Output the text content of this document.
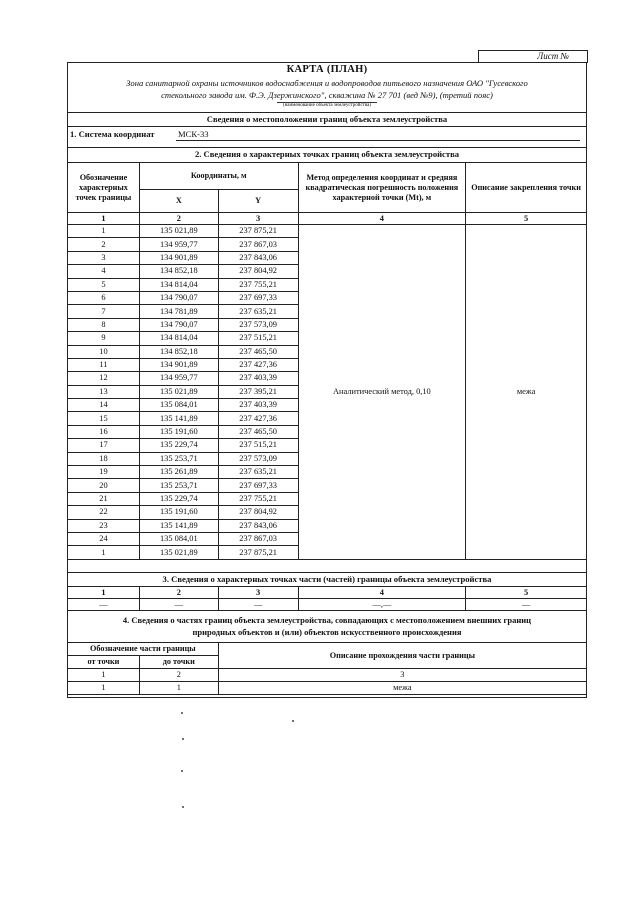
Лист №
КАРТА (ПЛАН)
Зона санитарной охраны источников водоснабжения и водопроводов питьевого назначения ОАО "Гусевского
стекольного завода им. Ф.Э. Дзержинского", скважина № 27 701 (вед №9), (третий пояс)
(наименование объекта землеустройства)
Сведения о местоположении границ объекта землеустройства
1. Система координат	МСК-33
2. Сведения о характерных точках границ объекта землеустройства
Обозначение характерных точек границы	Координаты, м		Метод определения координат и средняя квадратическая погрешность положения характерной точки (Mt), м	Описание закрепления точки
	X	Y		
1	2	3	4	5
1	135 021,89	237 875,21	Аналитический метод, 0,10	межа
2	134 959,77	237 867,03		
3	134 901,89	237 843,06		
4	134 852,18	237 804,92		
5	134 814,04	237 755,21		
6	134 790,07	237 697,33		
7	134 781,89	237 635,21		
8	134 790,07	237 573,09		
9	134 814,04	237 515,21		
10	134 852,18	237 465,50		
11	134 901,89	237 427,36		
12	134 959,77	237 403,39		
13	135 021,89	237 395,21		
14	135 084,01	237 403,39		
15	135 141,89	237 427,36		
16	135 191,60	237 465,50		
17	135 229,74	237 515,21		
18	135 253,71	237 573,09		
19	135 261,89	237 635,21		
20	135 253,71	237 697,33		
21	135 229,74	237 755,21		
22	135 191,60	237 804,92		
23	135 141,89	237 843,06		
24	135 084,01	237 867,03		
1	135 021,89	237 875,21		
3. Сведения о характерных точках части (частей) границы объекта землеустройства
1	2	3	4	5
—	—	—	—,—	—
4. Сведения о частях границ объекта землеустройства, совпадающих с местоположением внешних границ
природных объектов и (или) объектов искусственного происхождения
Обозначение части границы		Описание прохождения части границы
от точки	до точки	
1	2	3
1	1	межа
